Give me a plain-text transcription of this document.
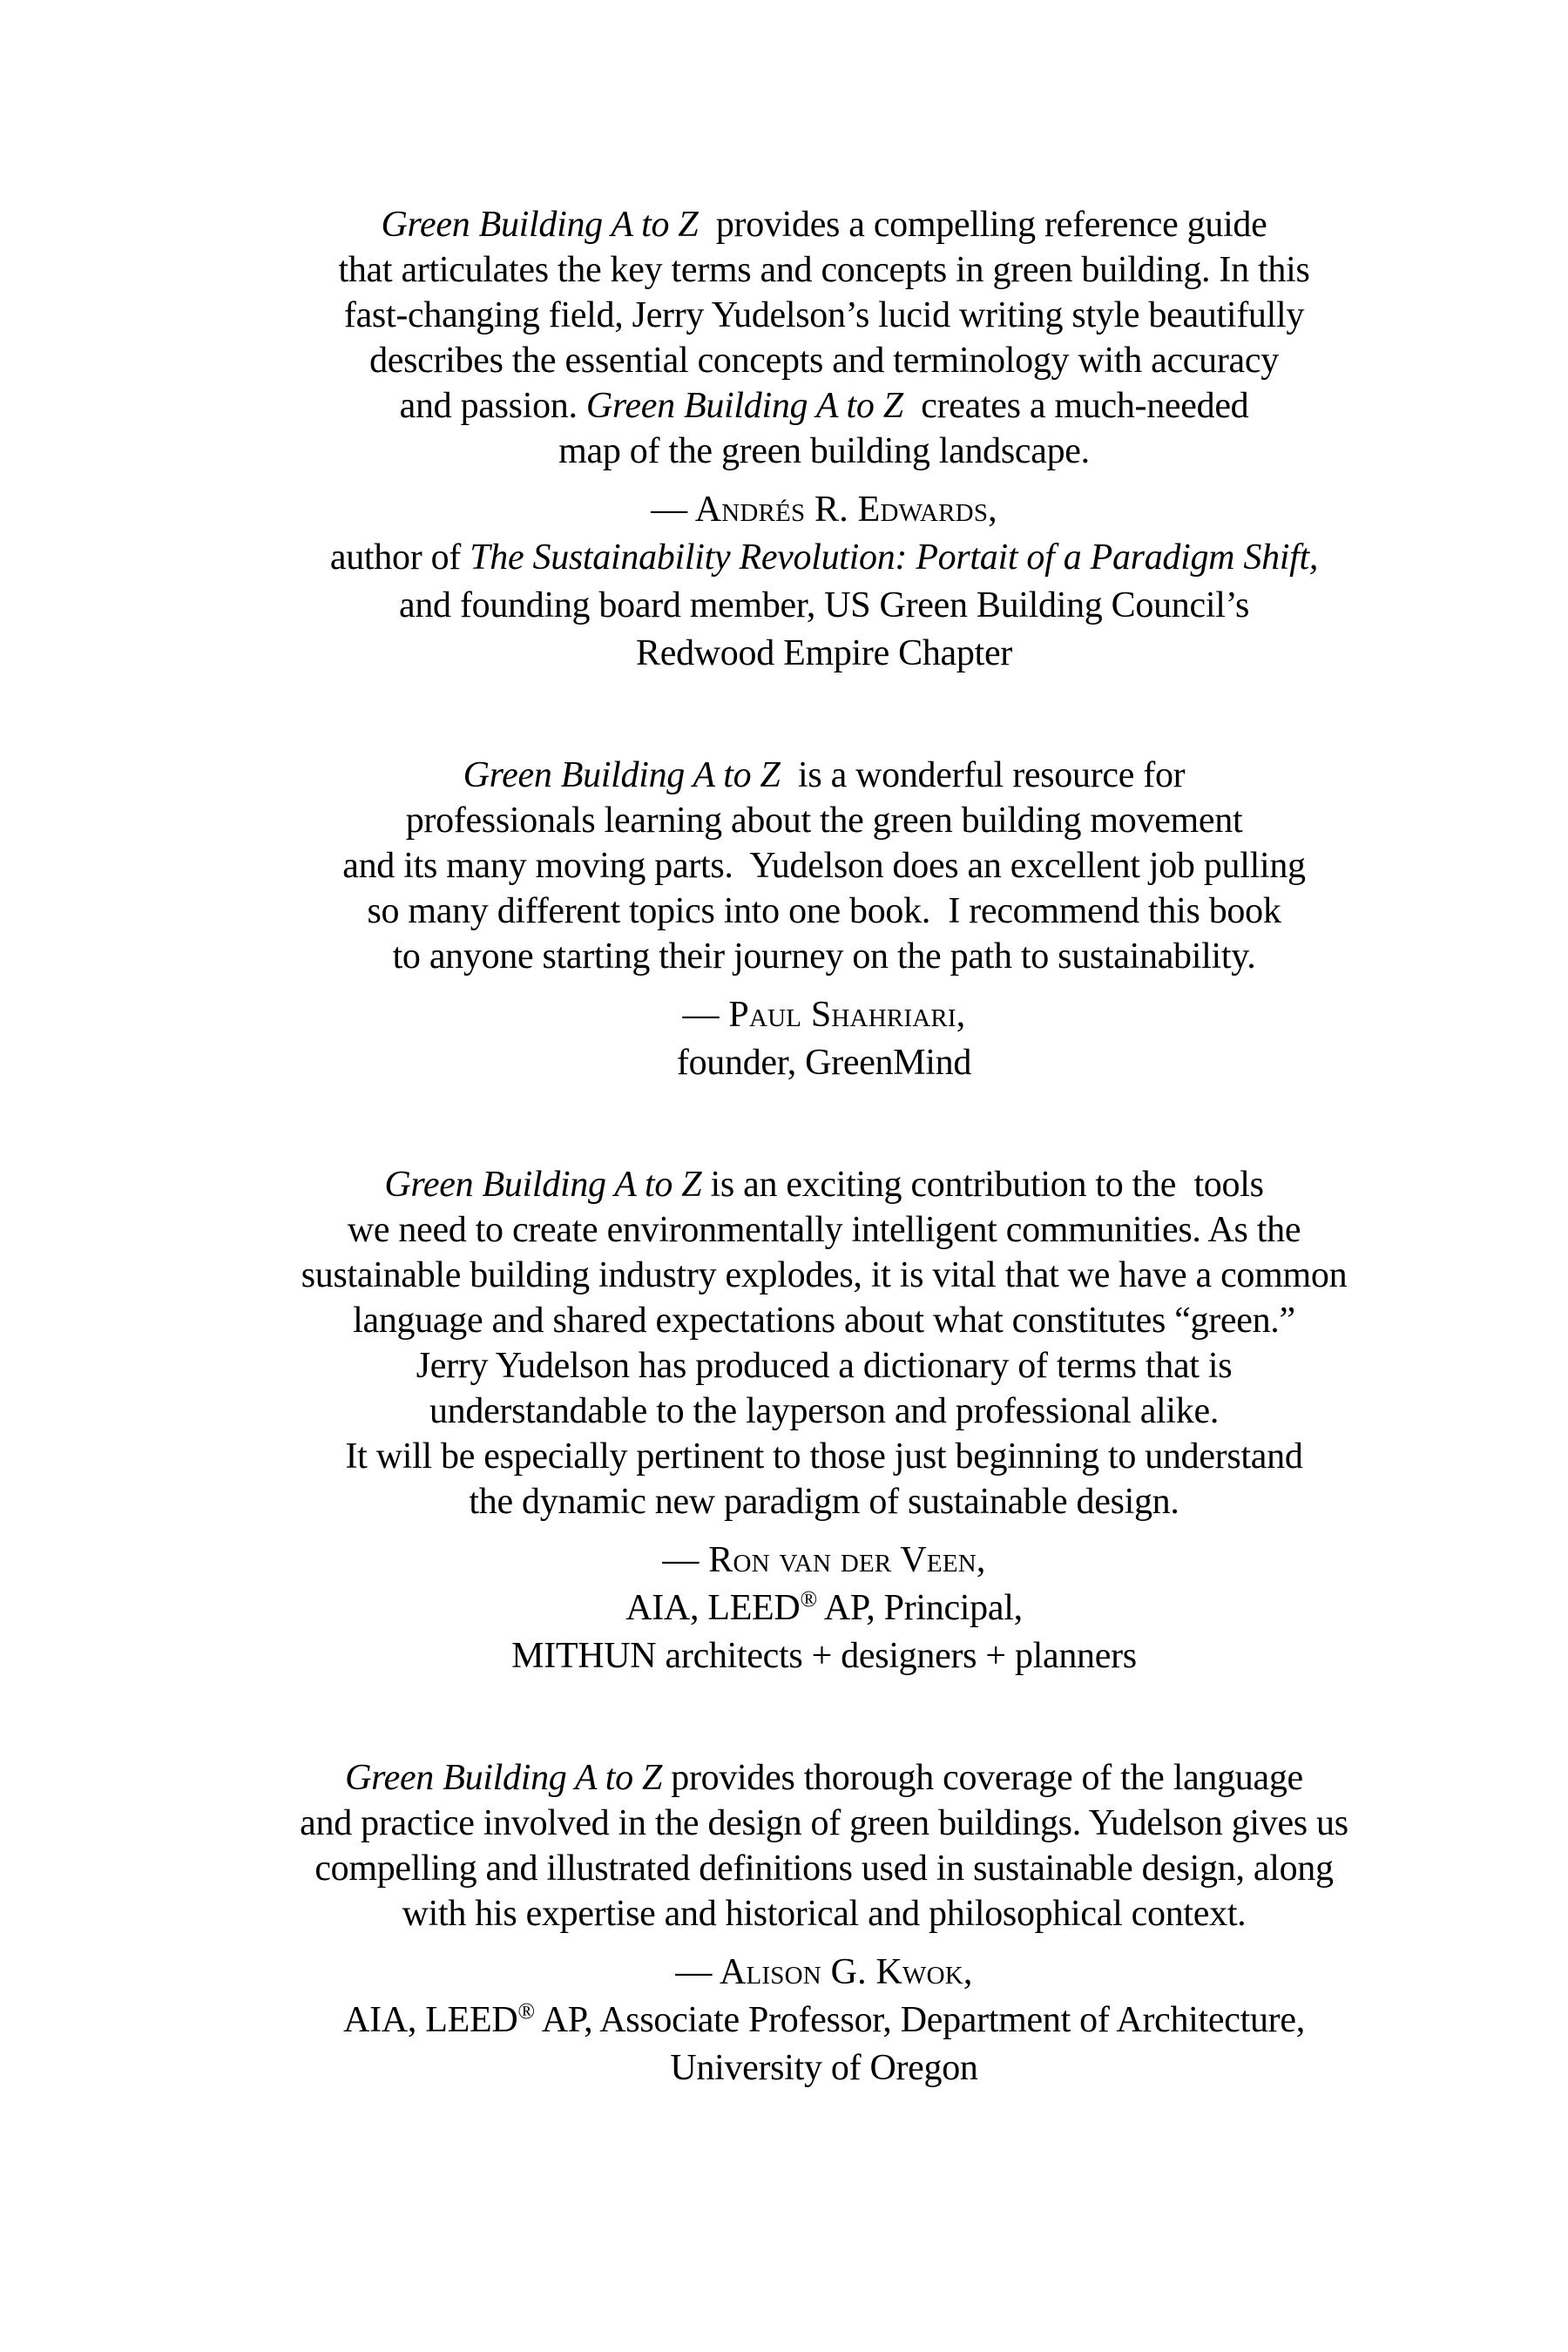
Green Building A to Z  provides a compelling reference guide
that articulates the key terms and concepts in green building. In this
fast-changing field, Jerry Yudelson’s lucid writing style beautifully
describes the essential concepts and terminology with accuracy
and passion. Green Building A to Z  creates a much-needed
map of the green building landscape.
— Andrés R. Edwards,
author of The Sustainability Revolution: Portait of a Paradigm Shift,
and founding board member, US Green Building Council’s
Redwood Empire Chapter
Green Building A to Z  is a wonderful resource for
professionals learning about the green building movement
and its many moving parts.  Yudelson does an excellent job pulling
so many different topics into one book.  I recommend this book
to anyone starting their journey on the path to sustainability.
— Paul Shahriari,
founder, GreenMind
Green Building A to Z is an exciting contribution to the  tools
we need to create environmentally intelligent communities. As the
sustainable building industry explodes, it is vital that we have a common
language and shared expectations about what constitutes “green.”
Jerry Yudelson has produced a dictionary of terms that is
understandable to the layperson and professional alike.
It will be especially pertinent to those just beginning to understand
the dynamic new paradigm of sustainable design.
— Ron van der Veen,
AIA, LEED® AP, Principal,
MITHUN architects + designers + planners
Green Building A to Z provides thorough coverage of the language
and practice involved in the design of green buildings. Yudelson gives us
compelling and illustrated definitions used in sustainable design, along
with his expertise and historical and philosophical context.
— Alison G. Kwok,
AIA, LEED® AP, Associate Professor, Department of Architecture,
University of Oregon
